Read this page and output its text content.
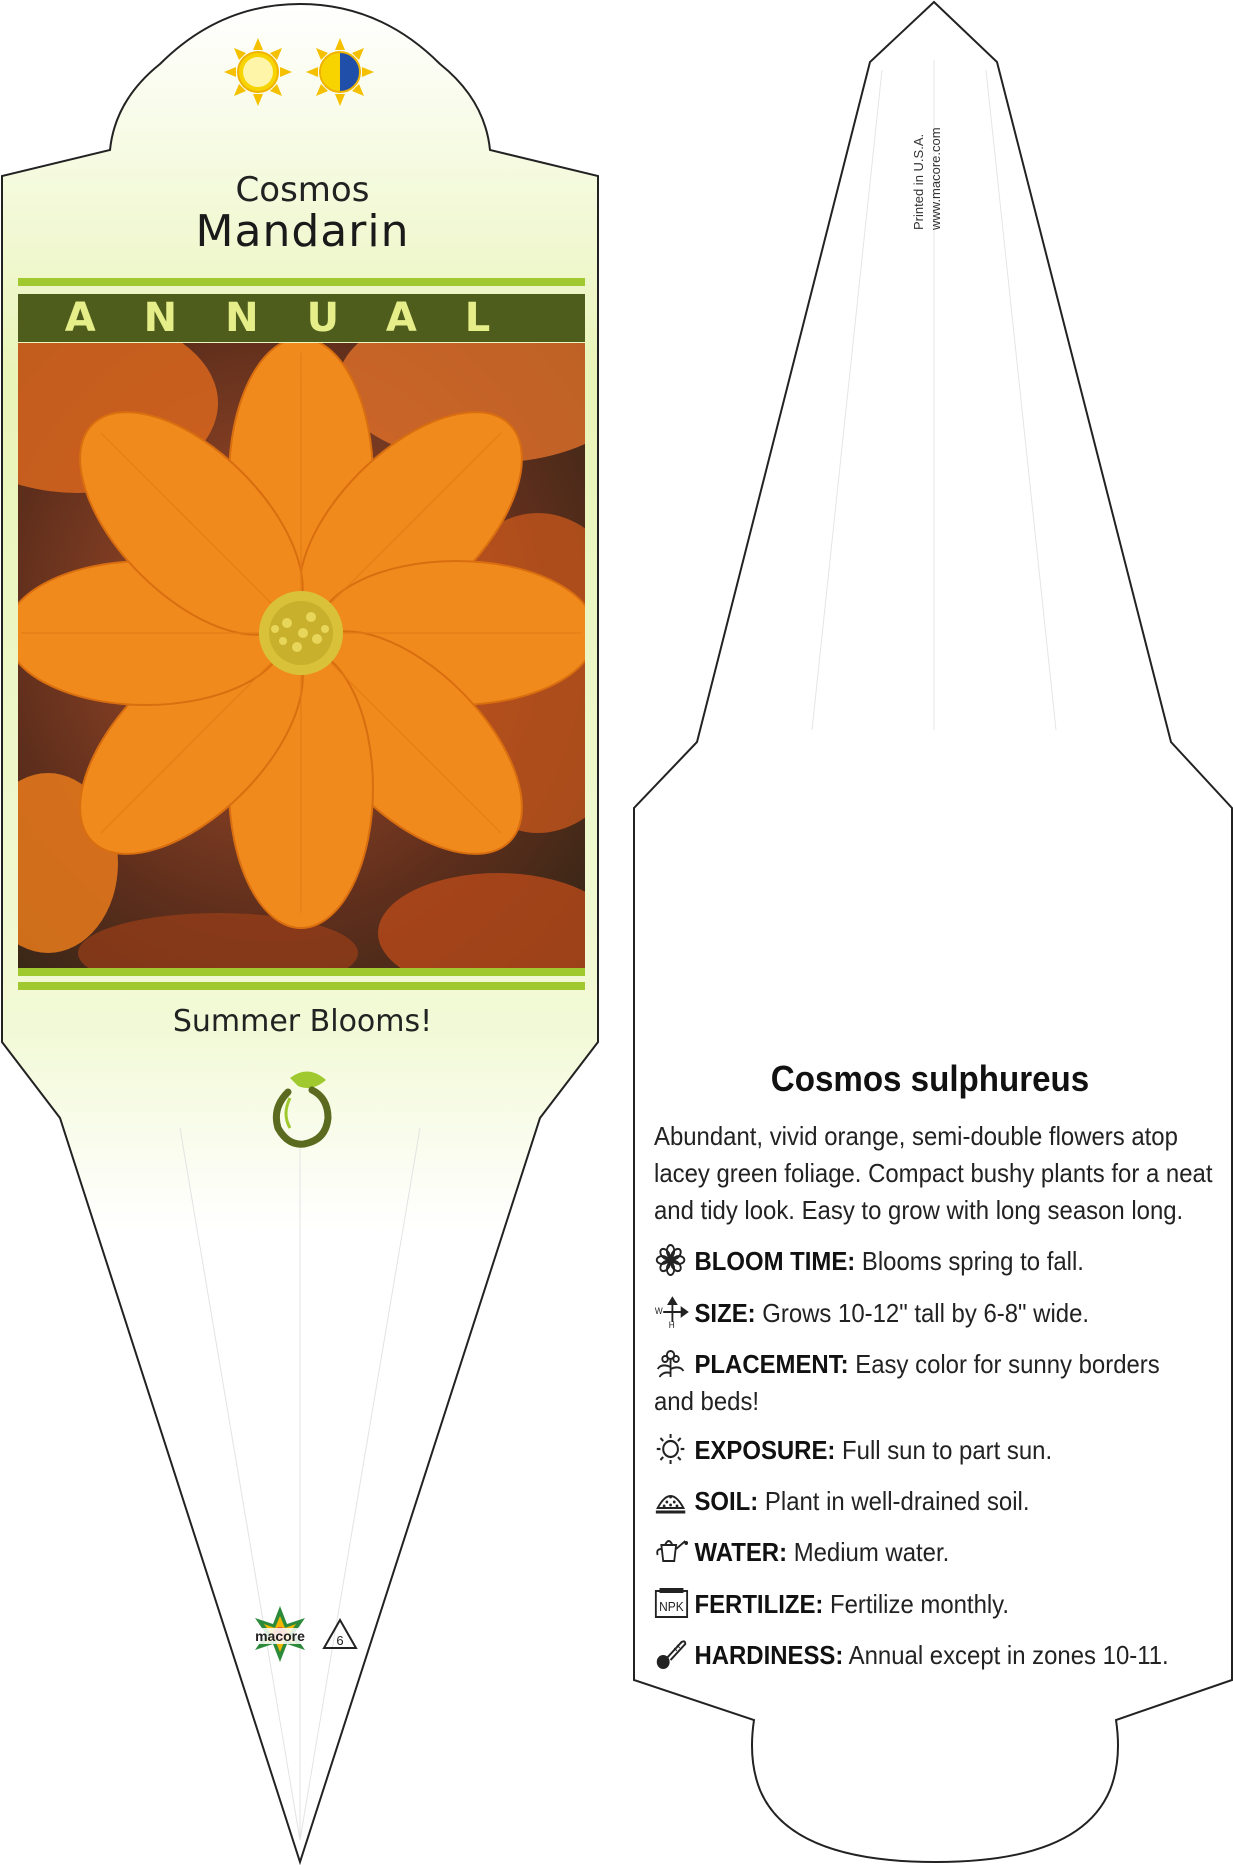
Cosmos
Mandarin
ANNUAL
Summer Blooms!
macore 6
Printed in U.S.A. www.macore.com
Cosmos sulphureus
Abundant, vivid orange, semi-double flowers atop lacey green foliage. Compact bushy plants for a neat and tidy look. Easy to grow with long season long.
BLOOM TIME: Blooms spring to fall.
W
H SIZE: Grows 10-12" tall by 6-8" wide.
PLACEMENT: Easy color for sunny borders and beds!
EXPOSURE: Full sun to part sun.
SOIL: Plant in well-drained soil.
WATER: Medium water.
NPK FERTILIZE: Fertilize monthly.
HARDINESS: Annual except in zones 10-11.
